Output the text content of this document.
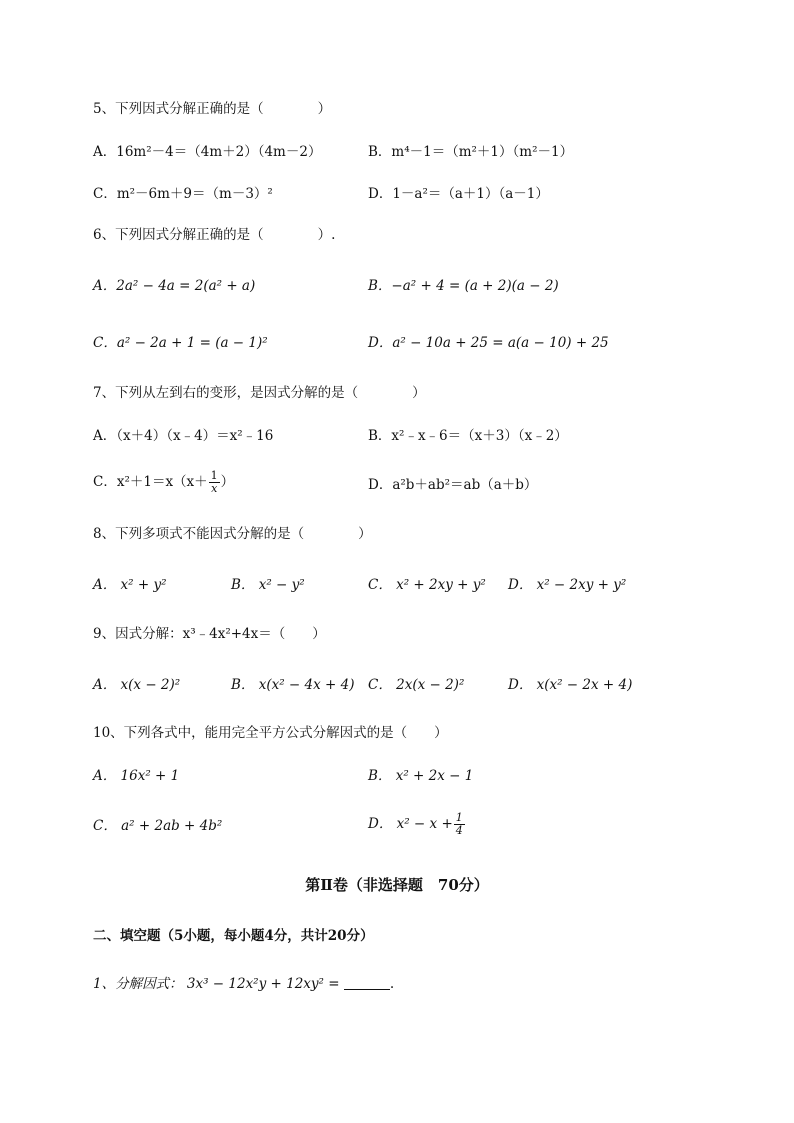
5、下列因式分解正确的是（　　　　）
A．16m²－4＝（4m＋2）（4m－2）	B．m⁴－1＝（m²＋1）（m²－1）
C．m²－6m＋9＝（m－3）²	D．1－a²＝（a＋1）（a－1）
6、下列因式分解正确的是（　　　　）.
A．2a² − 4a = 2(a² + a)	B．−a² + 4 = (a + 2)(a − 2)
C．a² − 2a + 1 = (a − 1)²	D．a² − 10a + 25 = a(a − 10) + 25
7、下列从左到右的变形，是因式分解的是（　　　　）
A．（x＋4）（x﹣4）＝x²﹣16	B．x²﹣x﹣6＝（x＋3）（x﹣2）
C．$x^2+1=x(x+ \frac{1}{x}$ ）	D．a²b＋ab²＝ab（a＋b）
8、下列多项式不能因式分解的是（　　　　）
A． x² + y²	B． x² − y²	C． x² + 2xy + y² D． x² − 2xy + y²
9、因式分解：x³﹣4x²+4x＝（　　）
A． x(x − 2)²	B． x(x² − 4x + 4) C． 2x(x − 2)²	D． x(x² − 2x + 4)
10、下列各式中，能用完全平方公式分解因式的是（　　）
A． 16x² + 1	B． x² + 2x − 1
C． a² + 2ab + 4b²	D． $x^2 - x + \frac{1}{4}$
第Ⅱ卷（非选择题　70分）
二、填空题（5小题，每小题4分，共计20分）
1、分解因式： 3x³ − 12x²y + 12xy² =	.
